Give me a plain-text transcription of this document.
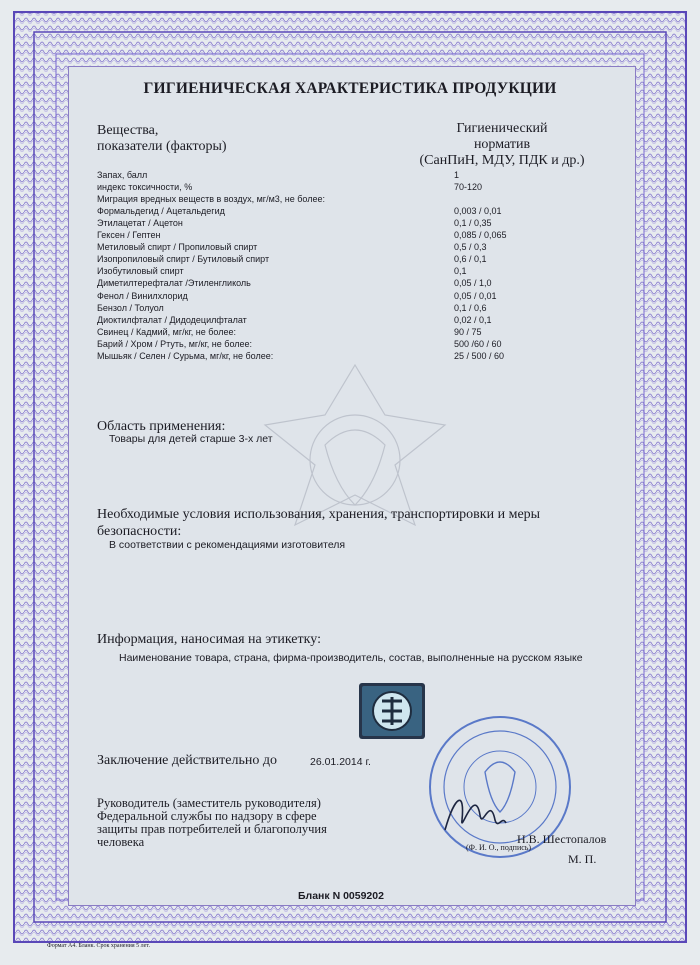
ГИГИЕНИЧЕСКАЯ ХАРАКТЕРИСТИКА ПРОДУКЦИИ
Вещества,
показатели (факторы)
Гигиенический
норматив
(СанПиН, МДУ, ПДК и др.)
Запах, балл	1
индекс токсичности, %	70-120
Миграция вредных веществ в воздух, мг/м3, не более:
Формальдегид / Ацетальдегид	0,003 / 0,01
Этилацетат / Ацетон	0,1 / 0,35
Гексен / Гептен	0,085 / 0,065
Метиловый спирт / Пропиловый спирт	0,5 / 0,3
Изопропиловый спирт / Бутиловый спирт	0,6 / 0,1
Изобутиловый спирт	0,1
Диметилтерефталат /Этиленгликоль	0,05 / 1,0
Фенол / Винилхлорид	0,05 / 0,01
Бензол / Толуол	0,1 / 0,6
Диоктилфталат / Дидодецилфталат	0,02 / 0,1
Свинец / Кадмий, мг/кг, не более:	90 / 75
Барий / Хром / Ртуть, мг/кг, не более:	500 /60 / 60
Мышьяк / Селен / Сурьма, мг/кг, не более:	25 / 500 / 60
Область применения:
Товары для детей старше 3-х лет
Необходимые условия использования, хранения, транспортировки и меры
безопасности:
В соответствии с рекомендациями изготовителя
Информация, наносимая на этикетку:
Наименование товара, страна, фирма-производитель, состав, выполненные на русском языке
Заключение действительно до	26.01.2014 г.
Руководитель (заместитель руководителя)
Федеральной службы по надзору в сфере
защиты прав потребителей и благополучия
человека	Н.В. Шестопалов
(Ф. И. О., подпись)
М. П.
Бланк N 0059202
Формат А4. Бланк. Срок хранения 5 лет.
